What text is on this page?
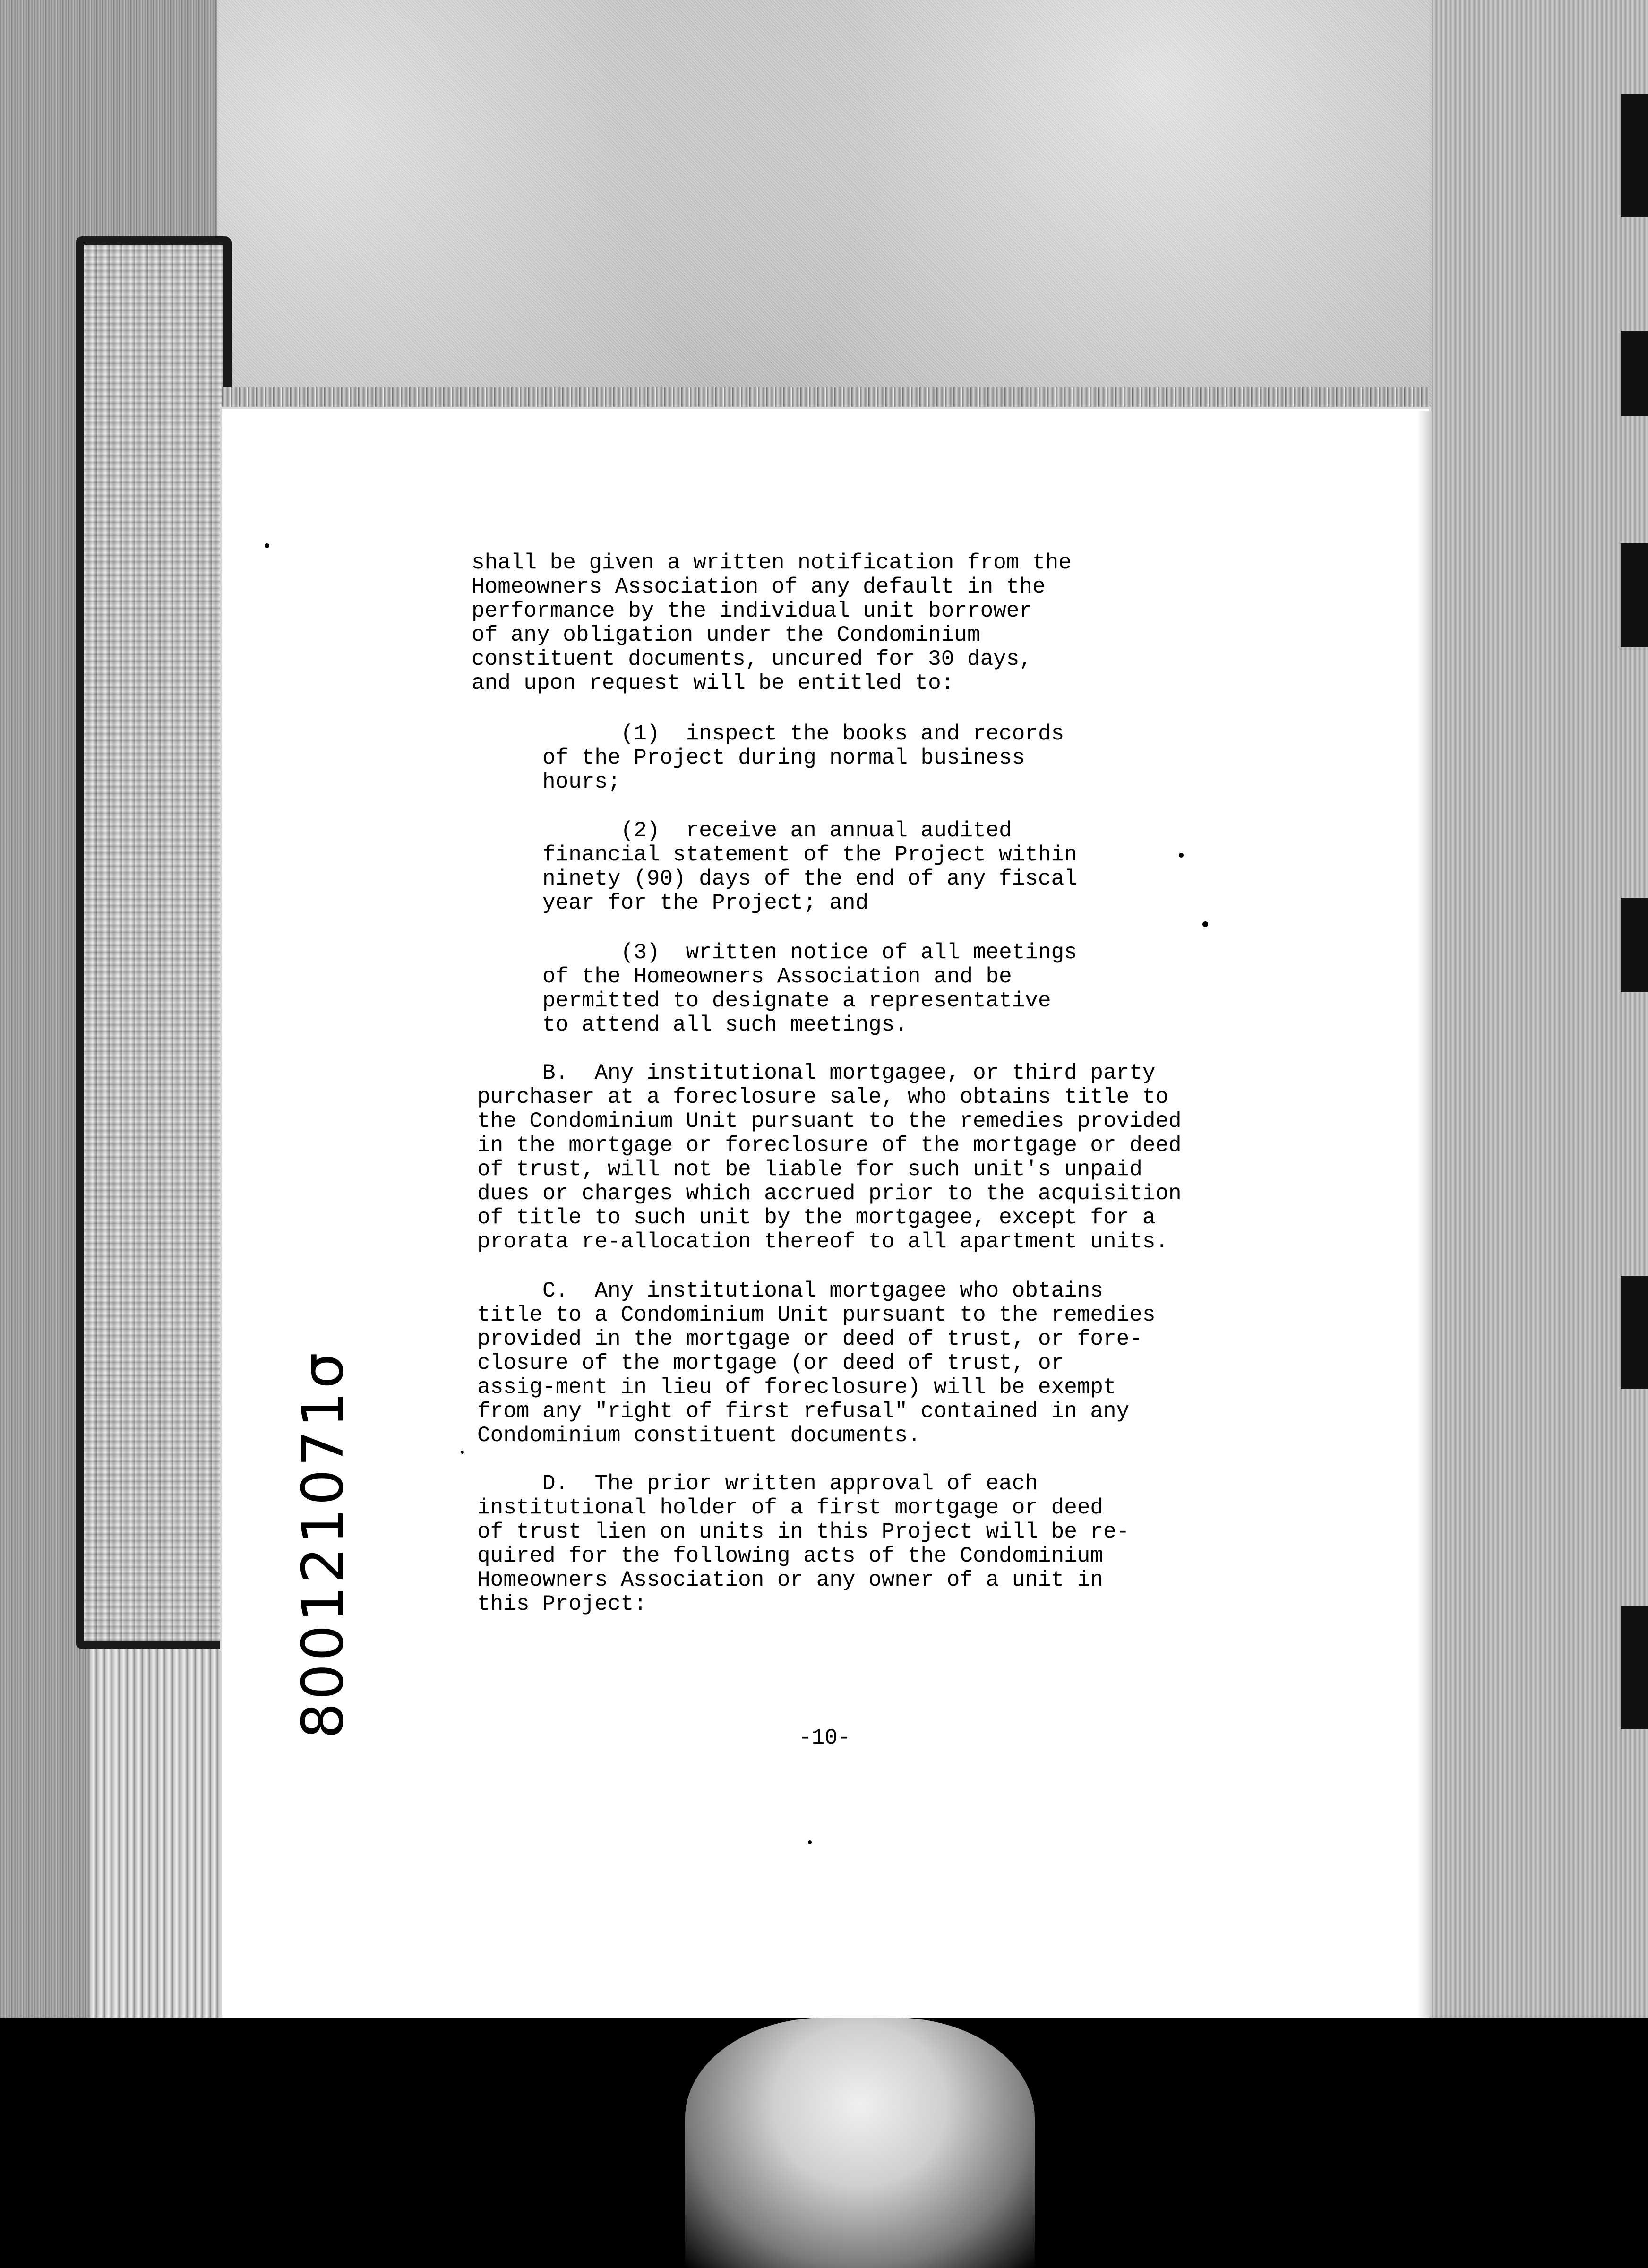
800121071σ
shall be given a written notification from the
Homeowners Association of any default in the
performance by the individual unit borrower
of any obligation under the Condominium
constituent documents, uncured for 30 days,
and upon request will be entitled to:
(1)  inspect the books and records
of the Project during normal business
hours;
(2)  receive an annual audited
financial statement of the Project within
ninety (90) days of the end of any fiscal
year for the Project; and
(3)  written notice of all meetings
of the Homeowners Association and be
permitted to designate a representative
to attend all such meetings.
B.  Any institutional mortgagee, or third party
purchaser at a foreclosure sale, who obtains title to
the Condominium Unit pursuant to the remedies provided
in the mortgage or foreclosure of the mortgage or deed
of trust, will not be liable for such unit's unpaid
dues or charges which accrued prior to the acquisition
of title to such unit by the mortgagee, except for a
prorata re-allocation thereof to all apartment units.
C.  Any institutional mortgagee who obtains
title to a Condominium Unit pursuant to the remedies
provided in the mortgage or deed of trust, or fore-
closure of the mortgage (or deed of trust, or
assig-ment in lieu of foreclosure) will be exempt
from any "right of first refusal" contained in any
Condominium constituent documents.
D.  The prior written approval of each
institutional holder of a first mortgage or deed
of trust lien on units in this Project will be re-
quired for the following acts of the Condominium
Homeowners Association or any owner of a unit in
this Project:
-10-
